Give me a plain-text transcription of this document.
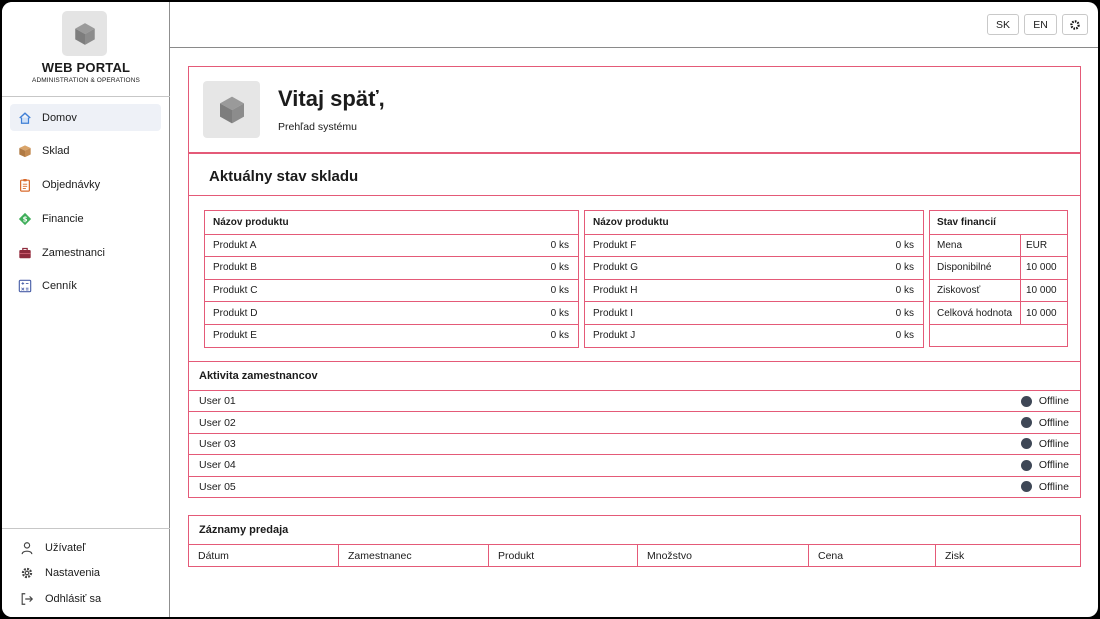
WEB PORTAL
ADMINISTRATION & OPERATIONS
Domov
Sklad
Objednávky
$ Financie
Zamestnanci
Cenník
Užívateľ
Nastavenia
Odhlásiť sa
SK	EN
Vitaj späť,
Prehľad systému
Aktuálny stav skladu
Názov produktu
Produkt A	0 ks
Produkt B	0 ks
Produkt C	0 ks
Produkt D	0 ks
Produkt E	0 ks
Názov produktu
Produkt F	0 ks
Produkt G	0 ks
Produkt H	0 ks
Produkt I	0 ks
Produkt J	0 ks
Stav financií
Mena	EUR
Disponibilné	10 000
Ziskovosť	10 000
Celková hodnota	10 000
Aktivita zamestnancov
User 01	Offline
User 02	Offline
User 03	Offline
User 04	Offline
User 05	Offline
Záznamy predaja
Dátum	Zamestnanec	Produkt	Množstvo	Cena	Zisk
